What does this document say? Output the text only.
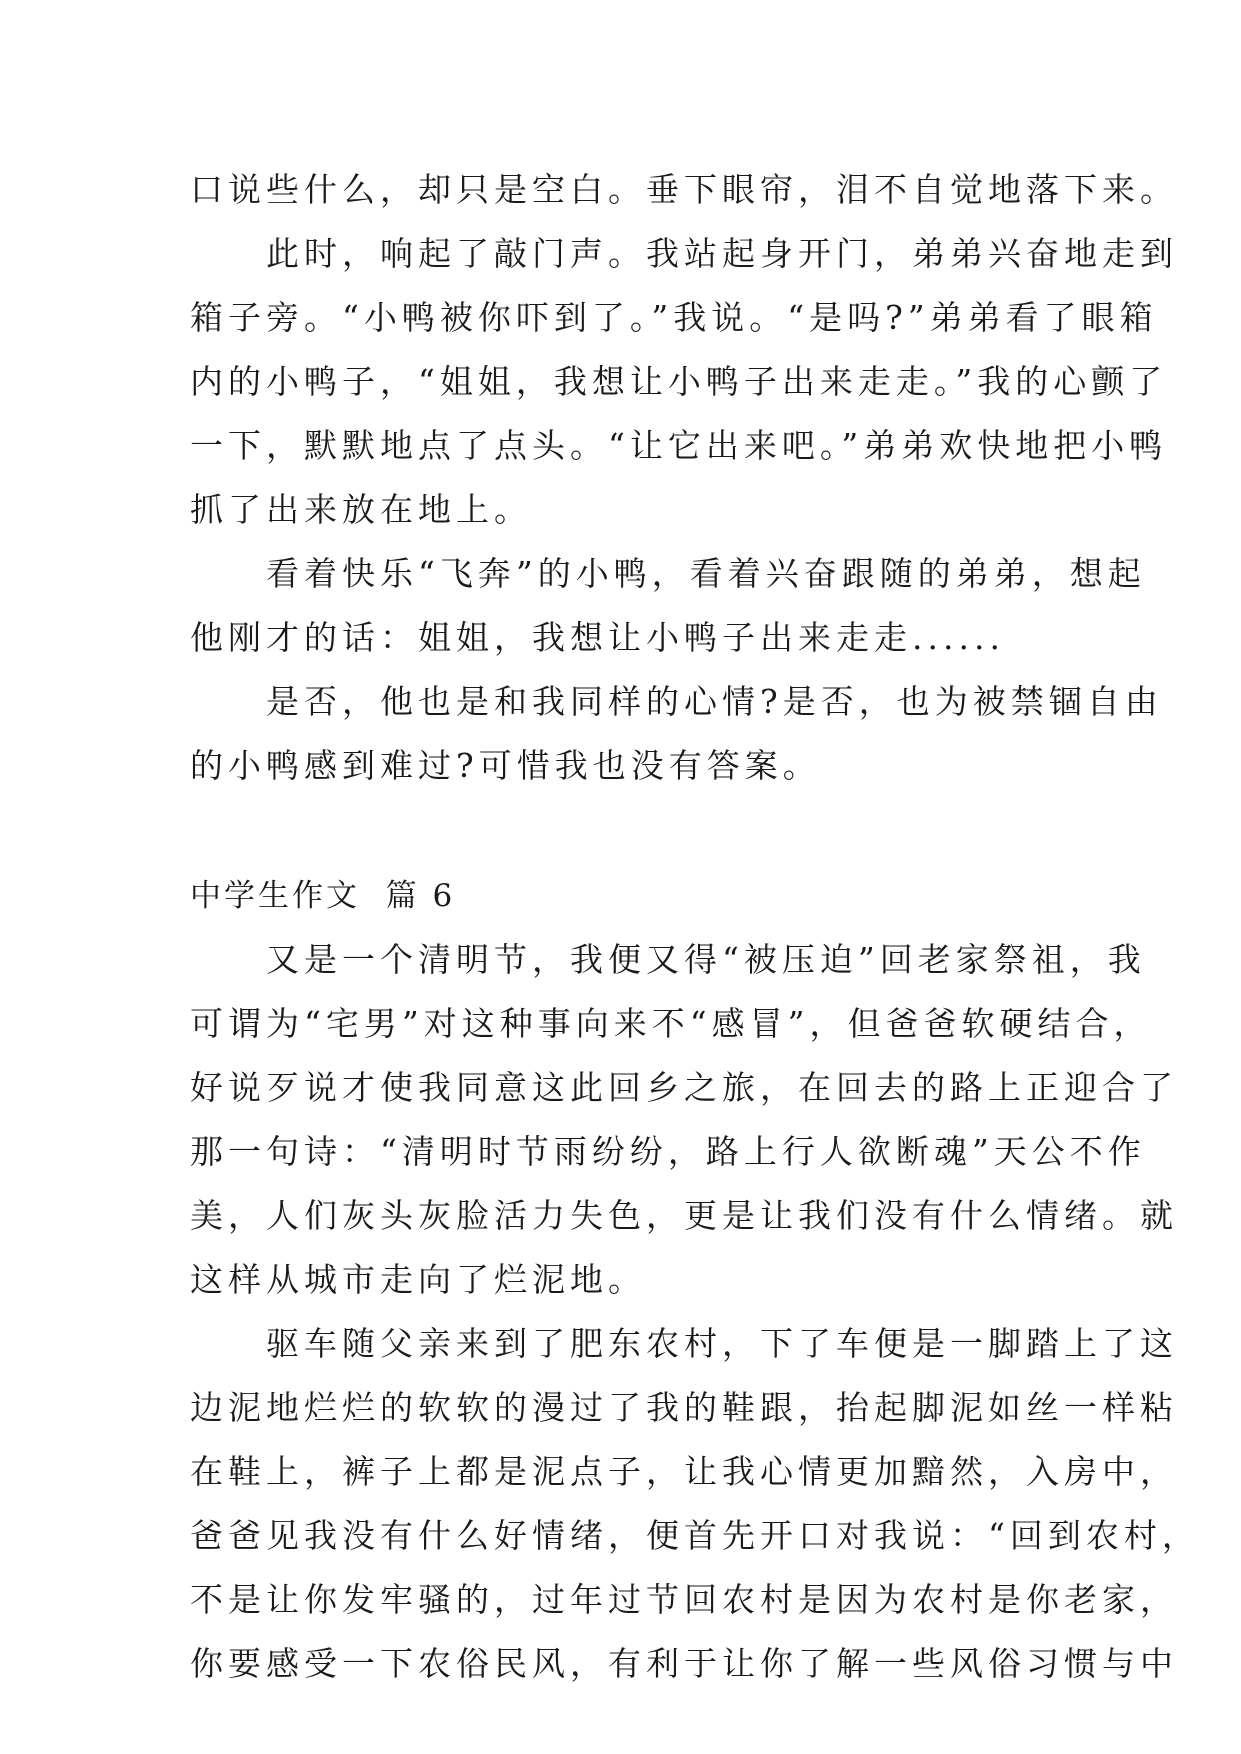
口说些什么，却只是空白。垂下眼帘，泪不自觉地落下来。
　　此时，响起了敲门声。我站起身开门，弟弟兴奋地走到
箱子旁。“小鸭被你吓到了。”我说。“是吗?”弟弟看了眼箱
内的小鸭子，“姐姐，我想让小鸭子出来走走。”我的心颤了
一下，默默地点了点头。“让它出来吧。”弟弟欢快地把小鸭
抓了出来放在地上。
　　看着快乐“飞奔”的小鸭，看着兴奋跟随的弟弟，想起
他刚才的话：姐姐，我想让小鸭子出来走走......
　　是否，他也是和我同样的心情?是否，也为被禁锢自由
的小鸭感到难过?可惜我也没有答案。
中学生作文  篇 6
　　又是一个清明节，我便又得“被压迫”回老家祭祖，我
可谓为“宅男”对这种事向来不“感冒”，但爸爸软硬结合，
好说歹说才使我同意这此回乡之旅，在回去的路上正迎合了
那一句诗：“清明时节雨纷纷，路上行人欲断魂”天公不作
美，人们灰头灰脸活力失色，更是让我们没有什么情绪。就
这样从城市走向了烂泥地。
　　驱车随父亲来到了肥东农村，下了车便是一脚踏上了这
边泥地烂烂的软软的漫过了我的鞋跟，抬起脚泥如丝一样粘
在鞋上，裤子上都是泥点子，让我心情更加黯然，入房中，
爸爸见我没有什么好情绪，便首先开口对我说：“回到农村，
不是让你发牢骚的，过年过节回农村是因为农村是你老家，
你要感受一下农俗民风，有利于让你了解一些风俗习惯与中
